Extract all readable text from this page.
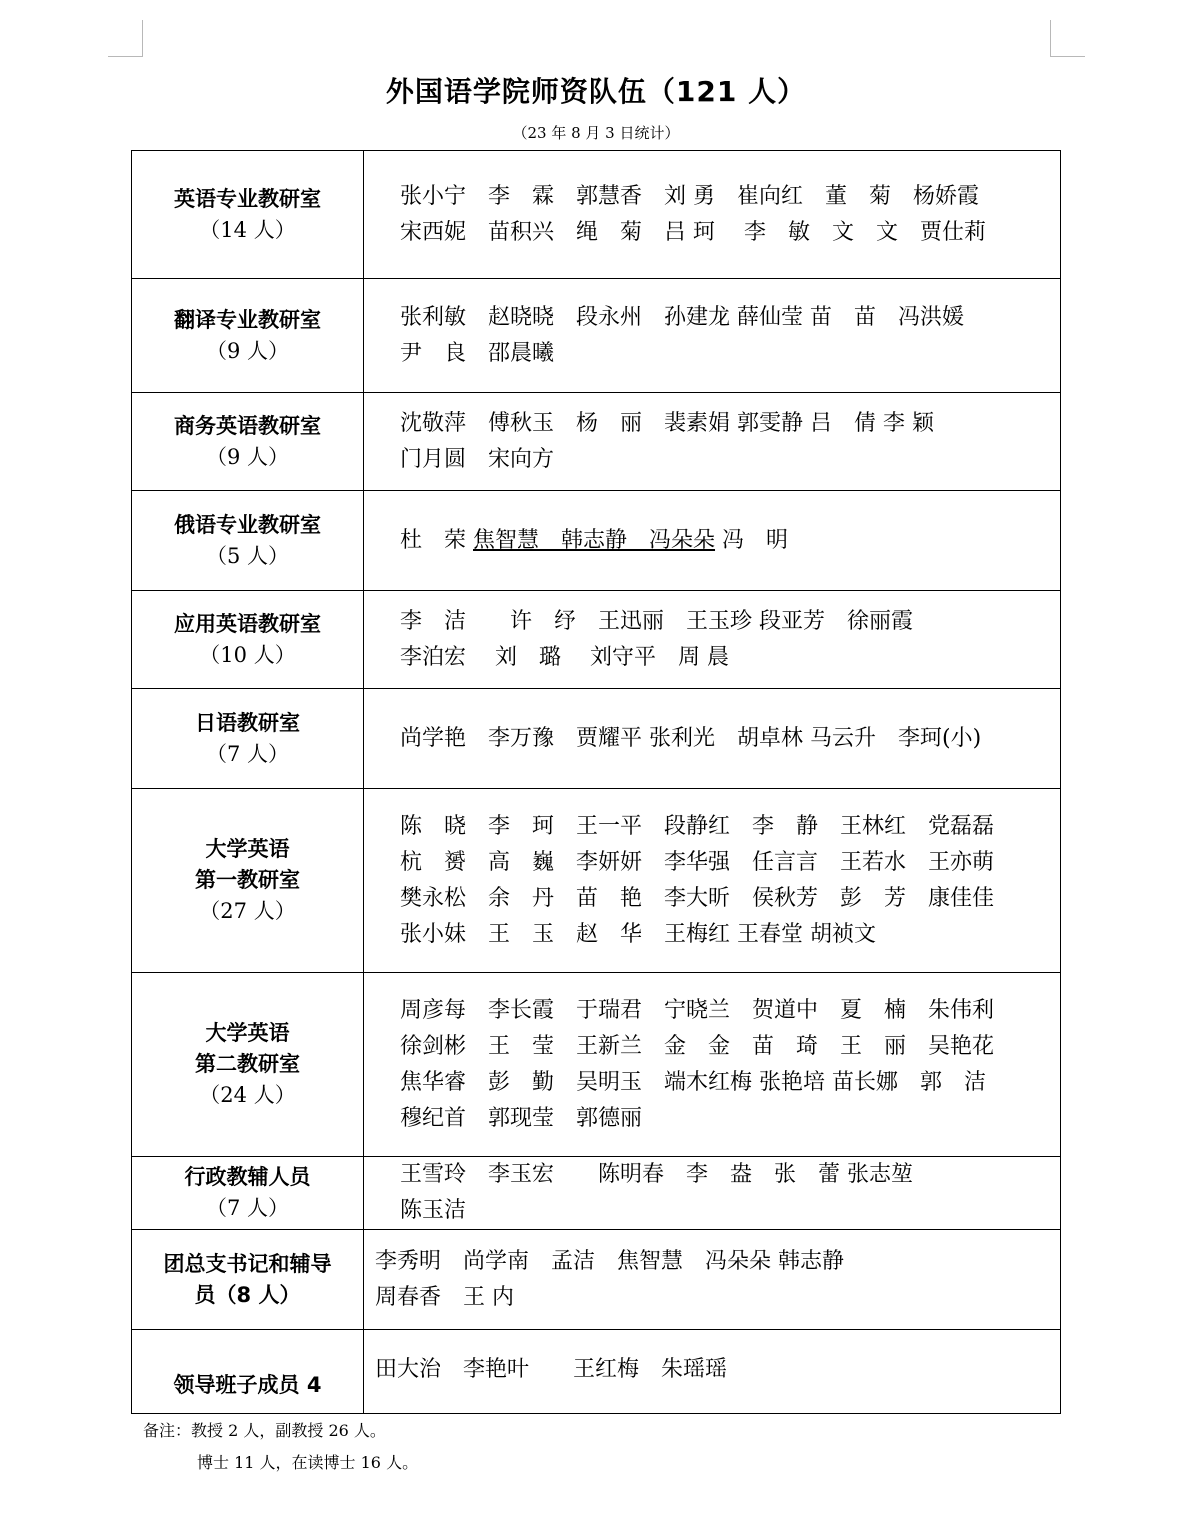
外国语学院师资队伍（121 人）
（23 年 8 月 3 日统计）
英语专业教研室
（14 人）	张小宁　李　霖　郭慧香　刘 勇　崔向红　董　菊　杨娇霞
宋西妮　苗积兴　绳　菊　吕 珂　 李　敏　文　文　贾仕莉

翻译专业教研室
（9 人）	张利敏　赵晓晓　段永州　孙建龙 薛仙莹 苗　苗　冯洪媛
尹　良　邵晨曦

商务英语教研室
（9 人）	沈敬萍　傅秋玉　杨　丽　裴素娟 郭雯静 吕　倩 李 颖
门月圆　宋向方

俄语专业教研室
（5 人）	杜　荣 焦智慧　韩志静　冯朵朵 冯　明

应用英语教研室
（10 人）	李　洁　　许　纾　王迅丽　王玉珍 段亚芳　徐丽霞
李泊宏　 刘　璐　 刘守平　周 晨

日语教研室
（7 人）	尚学艳　李万豫　贾耀平 张利光　胡卓林 马云升　李珂(小)

大学英语
第一教研室
（27 人）	陈　晓　李　珂　王一平　段静红　李　静　王林红　党磊磊
杭　赟　高　巍　李妍妍　李华强　任言言　王若水　王亦萌
樊永松　余　丹　苗　艳　李大昕　侯秋芳　彭　芳　康佳佳
张小妹　王　玉　赵　华　王梅红 王春堂 胡祯文

大学英语
第二教研室
（24 人）	周彦每　李长霞　于瑞君　宁晓兰　贺道中　夏　楠　朱伟利
徐剑彬　王　莹　王新兰　金　金　苗　琦　王　丽　吴艳花
焦华睿　彭　勤　吴明玉　端木红梅 张艳培 苗长娜　郭　洁
穆纪首　郭现莹　郭德丽

行政教辅人员
（7 人）	王雪玲　李玉宏　　陈明春　李　盎　张　蕾 张志堃
陈玉洁

团总支书记和辅导
员（8 人）	李秀明　尚学南　孟洁　焦智慧　冯朵朵 韩志静
周春香　王 内

领导班子成员 4	田大治　李艳叶　　王红梅　朱瑶瑶
备注：教授 2 人，副教授 26 人。
博士 11 人，在读博士 16 人。
